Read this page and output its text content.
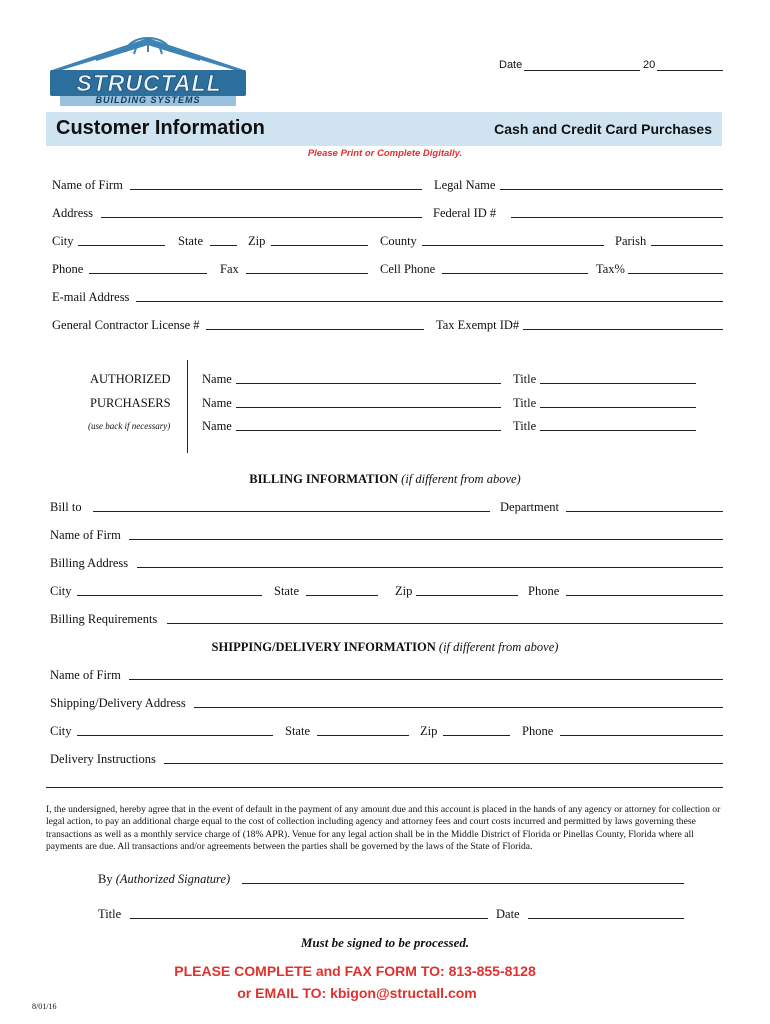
STRUCTALL
BUILDING SYSTEMS
Date	20
Customer Information	Cash and Credit Card Purchases
Please Print or Complete Digitally.
Name of Firm	Legal Name
Address	Federal ID #
City	State	Zip	County	Parish
Phone	Fax	Cell Phone	Tax%
E-mail Address
General Contractor License #	Tax Exempt ID#
AUTHORIZED
PURCHASERS
(use back if necessary)
Name	Title
Name	Title
Name	Title
BILLING INFORMATION (if different from above)
Bill to	Department
Name of Firm
Billing Address
City	State	Zip	Phone
Billing Requirements
SHIPPING/DELIVERY INFORMATION (if different from above)
Name of Firm
Shipping/Delivery Address
City	State	Zip	Phone
Delivery Instructions
I, the undersigned, hereby agree that in the event of default in the payment of any amount due and this account is placed in the hands of any agency or attorney for collection or legal action, to pay an additional charge equal to the cost of collection including agency and attorney fees and court costs incurred and permitted by laws governing these transactions as well as a monthly service charge of (18% APR). Venue for any legal action shall be in the Middle District of Florida or Pinellas County, Florida where all payments are due. All transactions and/or agreements between the parties shall be governed by the laws of the State of Florida.
By (Authorized Signature)
Title	Date
Must be signed to be processed.
PLEASE COMPLETE and FAX FORM TO: 813-855-8128
or EMAIL TO: kbigon@structall.com
8/01/16
